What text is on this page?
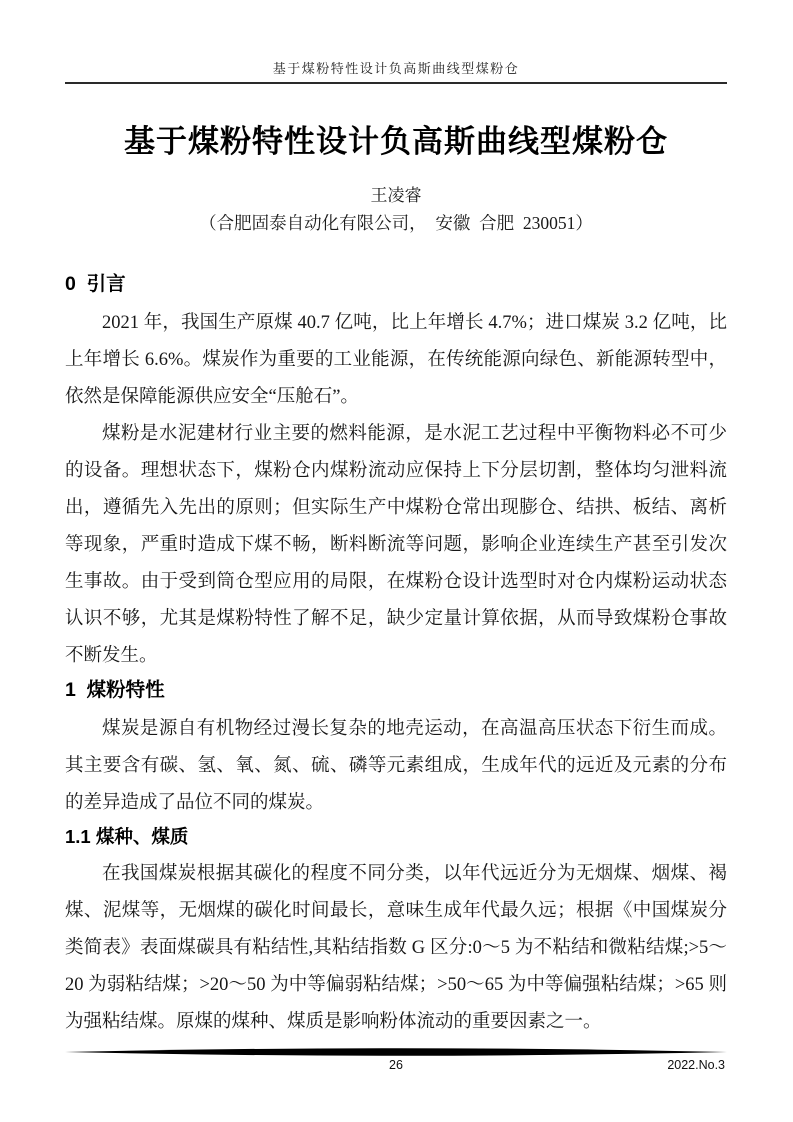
基于煤粉特性设计负高斯曲线型煤粉仓
基于煤粉特性设计负高斯曲线型煤粉仓
王凌睿
（合肥固泰自动化有限公司，  安徽  合肥  230051）
0  引言

2021 年，我国生产原煤 40.7 亿吨，比上年增长 4.7%；进口煤炭 3.2 亿吨，比上年增长 6.6%。煤炭作为重要的工业能源，在传统能源向绿色、新能源转型中，依然是保障能源供应安全“压舱石”。

煤粉是水泥建材行业主要的燃料能源，是水泥工艺过程中平衡物料必不可少的设备。理想状态下，煤粉仓内煤粉流动应保持上下分层切割，整体均匀泄料流出，遵循先入先出的原则；但实际生产中煤粉仓常出现膨仓、结拱、板结、离析等现象，严重时造成下煤不畅，断料断流等问题，影响企业连续生产甚至引发次生事故。由于受到筒仓型应用的局限，在煤粉仓设计选型时对仓内煤粉运动状态认识不够，尤其是煤粉特性了解不足，缺少定量计算依据，从而导致煤粉仓事故不断发生。

1  煤粉特性

煤炭是源自有机物经过漫长复杂的地壳运动，在高温高压状态下衍生而成。其主要含有碳、氢、氧、氮、硫、磷等元素组成，生成年代的远近及元素的分布的差异造成了品位不同的煤炭。

1.1 煤种、煤质

在我国煤炭根据其碳化的程度不同分类，以年代远近分为无烟煤、烟煤、褐煤、泥煤等，无烟煤的碳化时间最长，意味生成年代最久远；根据《中国煤炭分类简表》表面煤碳具有粘结性,其粘结指数 G 区分:0～5 为不粘结和微粘结煤;>5～20 为弱粘结煤；>20～50 为中等偏弱粘结煤；>50～65 为中等偏强粘结煤；>65 则为强粘结煤。原煤的煤种、煤质是影响粉体流动的重要因素之一。

26	2022.No.3
